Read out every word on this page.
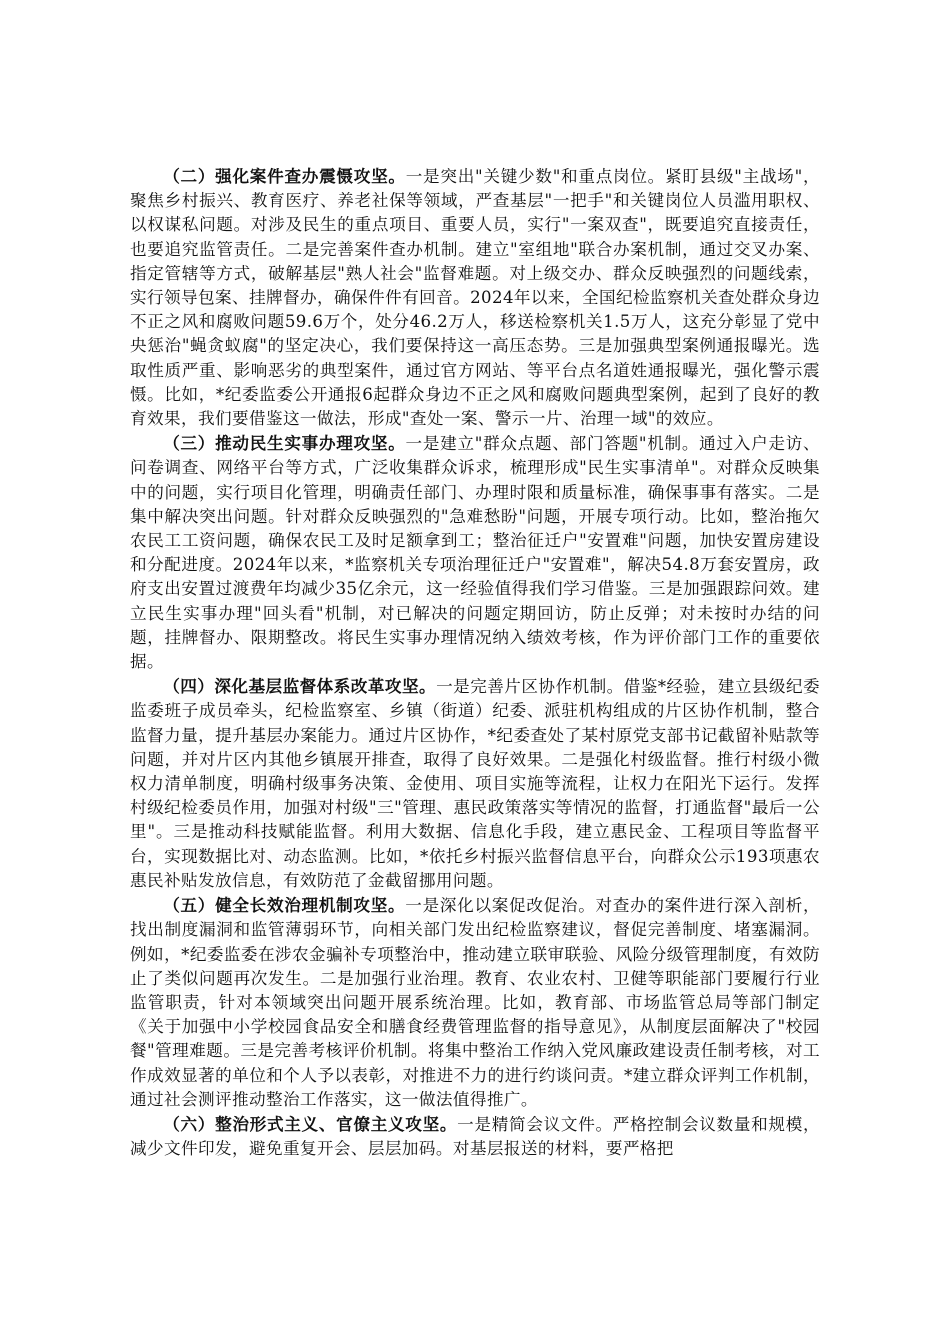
（二）强化案件查办震慑攻坚。一是突出"关键少数"和重点岗位。紧盯县级"主战场"，聚焦乡村振兴、教育医疗、养老社保等领域，严查基层"一把手"和关键岗位人员滥用职权、以权谋私问题。对涉及民生的重点项目、重要人员，实行"一案双查"，既要追究直接责任，也要追究监管责任。二是完善案件查办机制。建立"室组地"联合办案机制，通过交叉办案、指定管辖等方式，破解基层"熟人社会"监督难题。对上级交办、群众反映强烈的问题线索，实行领导包案、挂牌督办，确保件件有回音。2024年以来，全国纪检监察机关查处群众身边不正之风和腐败问题59.6万个，处分46.2万人，移送检察机关1.5万人，这充分彰显了党中央惩治"蝇贪蚁腐"的坚定决心，我们要保持这一高压态势。三是加强典型案例通报曝光。选取性质严重、影响恶劣的典型案件，通过官方网站、等平台点名道姓通报曝光，强化警示震慑。比如，*纪委监委公开通报6起群众身边不正之风和腐败问题典型案例，起到了良好的教育效果，我们要借鉴这一做法，形成"查处一案、警示一片、治理一域"的效应。

（三）推动民生实事办理攻坚。一是建立"群众点题、部门答题"机制。通过入户走访、问卷调查、网络平台等方式，广泛收集群众诉求，梳理形成"民生实事清单"。对群众反映集中的问题，实行项目化管理，明确责任部门、办理时限和质量标准，确保事事有落实。二是集中解决突出问题。针对群众反映强烈的"急难愁盼"问题，开展专项行动。比如，整治拖欠农民工工资问题，确保农民工及时足额拿到工；整治征迁户"安置难"问题，加快安置房建设和分配进度。2024年以来，*监察机关专项治理征迁户"安置难"，解决54.8万套安置房，政府支出安置过渡费年均减少35亿余元，这一经验值得我们学习借鉴。三是加强跟踪问效。建立民生实事办理"回头看"机制，对已解决的问题定期回访，防止反弹；对未按时办结的问题，挂牌督办、限期整改。将民生实事办理情况纳入绩效考核，作为评价部门工作的重要依据。

（四）深化基层监督体系改革攻坚。一是完善片区协作机制。借鉴*经验，建立县级纪委监委班子成员牵头，纪检监察室、乡镇（街道）纪委、派驻机构组成的片区协作机制，整合监督力量，提升基层办案能力。通过片区协作，*纪委查处了某村原党支部书记截留补贴款等问题，并对片区内其他乡镇展开排查，取得了良好效果。二是强化村级监督。推行村级小微权力清单制度，明确村级事务决策、金使用、项目实施等流程，让权力在阳光下运行。发挥村级纪检委员作用，加强对村级"三"管理、惠民政策落实等情况的监督，打通监督"最后一公里"。三是推动科技赋能监督。利用大数据、信息化手段，建立惠民金、工程项目等监督平台，实现数据比对、动态监测。比如，*依托乡村振兴监督信息平台，向群众公示193项惠农惠民补贴发放信息，有效防范了金截留挪用问题。

（五）健全长效治理机制攻坚。一是深化以案促改促治。对查办的案件进行深入剖析，找出制度漏洞和监管薄弱环节，向相关部门发出纪检监察建议，督促完善制度、堵塞漏洞。例如，*纪委监委在涉农金骗补专项整治中，推动建立联审联验、风险分级管理制度，有效防止了类似问题再次发生。二是加强行业治理。教育、农业农村、卫健等职能部门要履行行业监管职责，针对本领域突出问题开展系统治理。比如，教育部、市场监管总局等部门制定《关于加强中小学校园食品安全和膳食经费管理监督的指导意见》，从制度层面解决了"校园餐"管理难题。三是完善考核评价机制。将集中整治工作纳入党风廉政建设责任制考核，对工作成效显著的单位和个人予以表彰，对推进不力的进行约谈问责。*建立群众评判工作机制，通过社会测评推动整治工作落实，这一做法值得推广。

（六）整治形式主义、官僚主义攻坚。一是精简会议文件。严格控制会议数量和规模，减少文件印发，避免重复开会、层层加码。对基层报送的材料，要严格把
